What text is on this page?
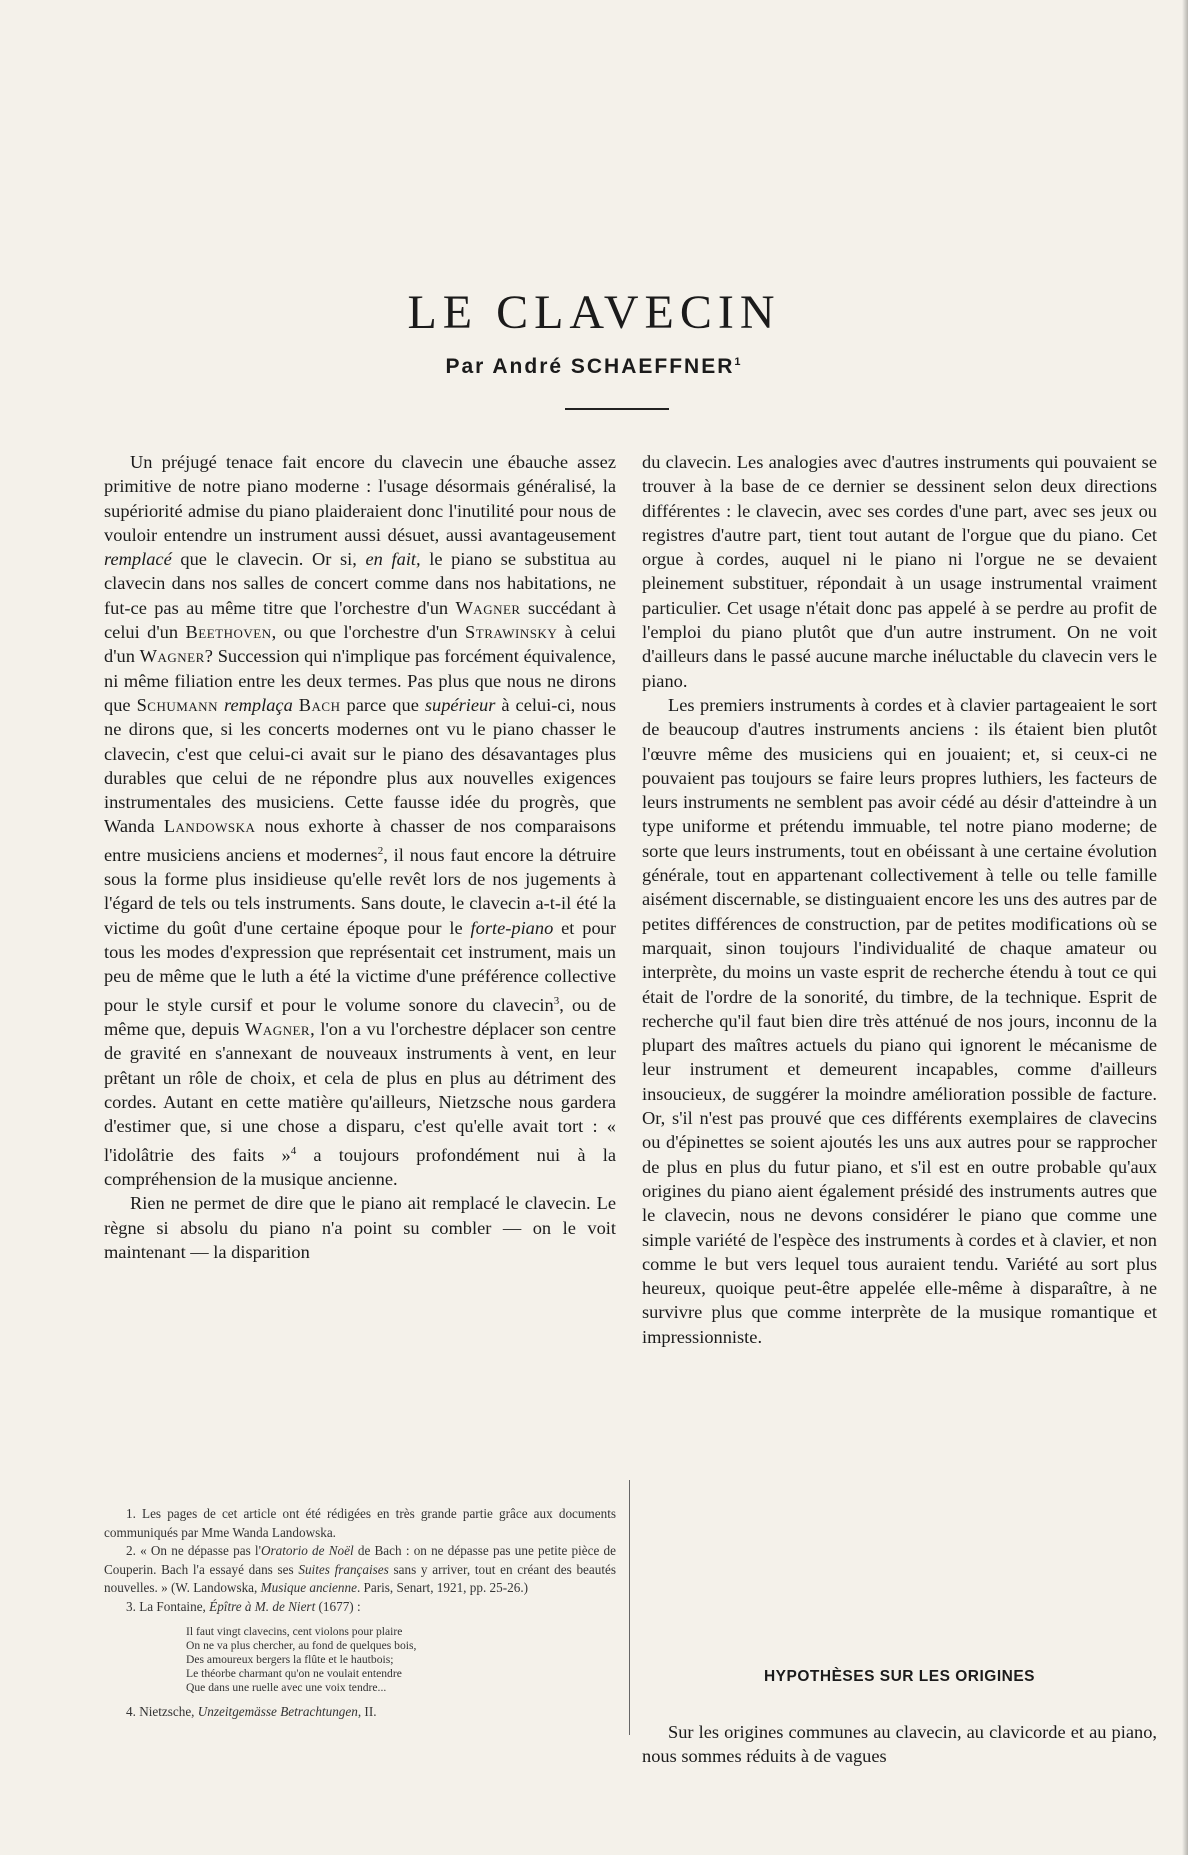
LE CLAVECIN
Par André SCHAEFFNER$^1$

Un préjugé tenace fait encore du clavecin une ébauche assez primitive de notre piano moderne : l'usage désormais généralisé, la supériorité admise du piano plaideraient donc l'inutilité pour nous de vouloir entendre un instrument aussi désuet, aussi avantageusement remplacé que le clavecin. Or si, en fait, le piano se substitua au clavecin dans nos salles de concert comme dans nos habitations, ne fut-ce pas au même titre que l'orchestre d'un Wagner succédant à celui d'un Beethoven, ou que l'orchestre d'un Strawinsky à celui d'un Wagner? Succession qui n'implique pas forcément équivalence, ni même filiation entre les deux termes. Pas plus que nous ne dirons que Schumann remplaça Bach parce que supérieur à celui-ci, nous ne dirons que, si les concerts modernes ont vu le piano chasser le clavecin, c'est que celui-ci avait sur le piano des désavantages plus durables que celui de ne répondre plus aux nouvelles exigences instrumentales des musiciens. Cette fausse idée du progrès, que Wanda Landowska nous exhorte à chasser de nos comparaisons entre musiciens anciens et modernes$^2$, il nous faut encore la détruire sous la forme plus insidieuse qu'elle revêt lors de nos jugements à l'égard de tels ou tels instruments. Sans doute, le clavecin a-t-il été la victime du goût d'une certaine époque pour le forte-piano et pour tous les modes d'expression que représentait cet instrument, mais un peu de même que le luth a été la victime d'une préférence collective pour le style cursif et pour le volume sonore du clavecin$^3$, ou de même que, depuis Wagner, l'on a vu l'orchestre déplacer son centre de gravité en s'annexant de nouveaux instruments à vent, en leur prêtant un rôle de choix, et cela de plus en plus au détriment des cordes. Autant en cette matière qu'ailleurs, Nietzsche nous gardera d'estimer que, si une chose a disparu, c'est qu'elle avait tort : « l'idolâtrie des faits »$^4$ a toujours profondément nui à la compréhension de la musique ancienne.

Rien ne permet de dire que le piano ait remplacé le clavecin. Le règne si absolu du piano n'a point su combler — on le voit maintenant — la disparition

1. Les pages de cet article ont été rédigées en très grande partie grâce aux documents communiqués par Mme Wanda Landowska.

2. « On ne dépasse pas l'Oratorio de Noël de Bach : on ne dépasse pas une petite pièce de Couperin. Bach l'a essayé dans ses Suites françaises sans y arriver, tout en créant des beautés nouvelles. » (W. Landowska, Musique ancienne. Paris, Senart, 1921, pp. 25-26.)

3. La Fontaine, Épître à M. de Niert (1677) :

Il faut vingt clavecins, cent violons pour plaire
On ne va plus chercher, au fond de quelques bois,
Des amoureux bergers la flûte et le hautbois;
Le théorbe charmant qu'on ne voulait entendre
Que dans une ruelle avec une voix tendre...

4. Nietzsche, Unzeitgemässe Betrachtungen, II.

du clavecin. Les analogies avec d'autres instruments qui pouvaient se trouver à la base de ce dernier se dessinent selon deux directions différentes : le clavecin, avec ses cordes d'une part, avec ses jeux ou registres d'autre part, tient tout autant de l'orgue que du piano. Cet orgue à cordes, auquel ni le piano ni l'orgue ne se devaient pleinement substituer, répondait à un usage instrumental vraiment particulier. Cet usage n'était donc pas appelé à se perdre au profit de l'emploi du piano plutôt que d'un autre instrument. On ne voit d'ailleurs dans le passé aucune marche inéluctable du clavecin vers le piano.

Les premiers instruments à cordes et à clavier partageaient le sort de beaucoup d'autres instruments anciens : ils étaient bien plutôt l'œuvre même des musiciens qui en jouaient; et, si ceux-ci ne pouvaient pas toujours se faire leurs propres luthiers, les facteurs de leurs instruments ne semblent pas avoir cédé au désir d'atteindre à un type uniforme et prétendu immuable, tel notre piano moderne; de sorte que leurs instruments, tout en obéissant à une certaine évolution générale, tout en appartenant collectivement à telle ou telle famille aisément discernable, se distinguaient encore les uns des autres par de petites différences de construction, par de petites modifications où se marquait, sinon toujours l'individualité de chaque amateur ou interprète, du moins un vaste esprit de recherche étendu à tout ce qui était de l'ordre de la sonorité, du timbre, de la technique. Esprit de recherche qu'il faut bien dire très atténué de nos jours, inconnu de la plupart des maîtres actuels du piano qui ignorent le mécanisme de leur instrument et demeurent incapables, comme d'ailleurs insoucieux, de suggérer la moindre amélioration possible de facture. Or, s'il n'est pas prouvé que ces différents exemplaires de clavecins ou d'épinettes se soient ajoutés les uns aux autres pour se rapprocher de plus en plus du futur piano, et s'il est en outre probable qu'aux origines du piano aient également présidé des instruments autres que le clavecin, nous ne devons considérer le piano que comme une simple variété de l'espèce des instruments à cordes et à clavier, et non comme le but vers lequel tous auraient tendu. Variété au sort plus heureux, quoique peut-être appelée elle-même à disparaître, à ne survivre plus que comme interprète de la musique romantique et impressionniste.

HYPOTHÈSES SUR LES ORIGINES

Sur les origines communes au clavecin, au clavicorde et au piano, nous sommes réduits à de vagues
